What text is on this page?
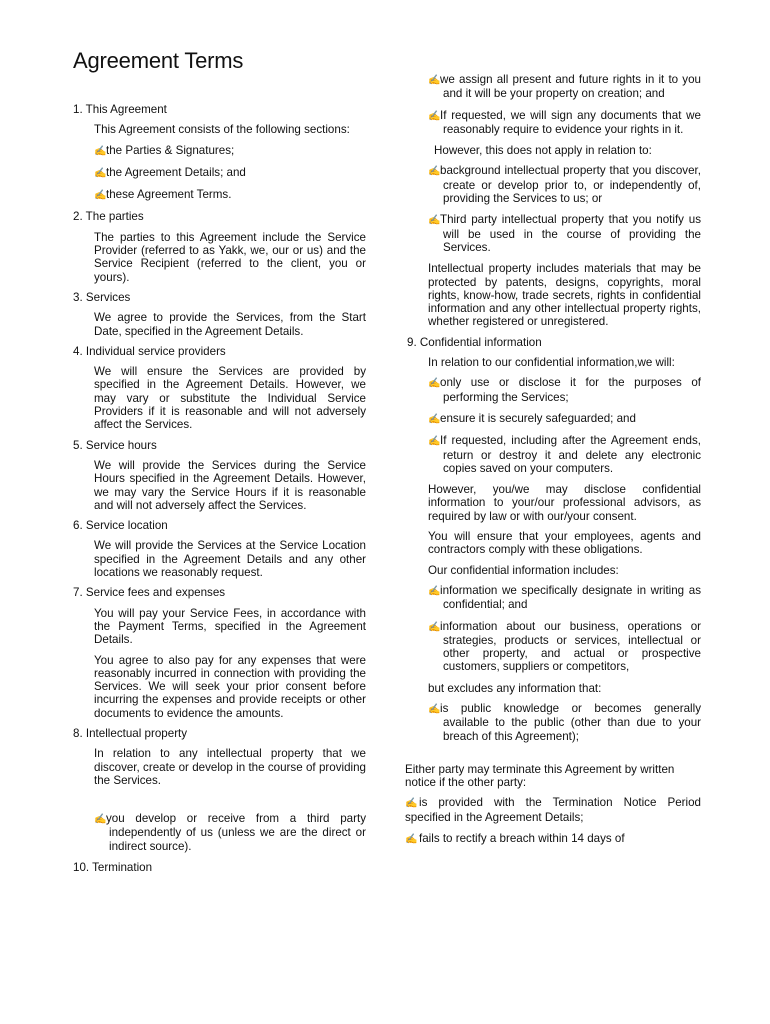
Agreement Terms
1. This Agreement
This Agreement consists of the following sections:
✍the Parties & Signatures;
✍the Agreement Details; and
✍these Agreement Terms.
2. The parties
The parties to this Agreement include the Service Provider (referred to as Yakk, we, our or us) and the Service Recipient (referred to the client, you or yours).
3. Services
We agree to provide the Services, from the Start Date, specified in the Agreement Details.
4. Individual service providers
We will ensure the Services are provided by specified in the Agreement Details. However, we may vary or substitute the Individual Service Providers if it is reasonable and will not adversely affect the Services.
5. Service hours
We will provide the Services during the Service Hours specified in the Agreement Details. However, we may vary the Service Hours if it is reasonable and will not adversely affect the Services.
6. Service location
We will provide the Services at the Service Location specified in the Agreement Details and any other locations we reasonably request.
7. Service fees and expenses
You will pay your Service Fees, in accordance with the Payment Terms, specified in the Agreement Details.
You agree to also pay for any expenses that were reasonably incurred in connection with providing the Services. We will seek your prior consent before incurring the expenses and provide receipts or other documents to evidence the amounts.
8. Intellectual property
In relation to any intellectual property that we discover, create or develop in the course of providing the Services.
✍you develop or receive from a third party independently of us (unless we are the direct or indirect source).
10. Termination
✍we assign all present and future rights in it to you and it will be your property on creation; and
✍If requested, we will sign any documents that we reasonably require to evidence your rights in it.
However, this does not apply in relation to:
✍background intellectual property that you discover, create or develop prior to, or independently of, providing the Services to us; or
✍Third party intellectual property that you notify us will be used in the course of providing the Services.
Intellectual property includes materials that may be protected by patents, designs, copyrights, moral rights, know-how, trade secrets, rights in confidential information and any other intellectual property rights, whether registered or unregistered.
9. Confidential information
In relation to our confidential information,we will:
✍only use or disclose it for the purposes of performing the Services;
✍ensure it is securely safeguarded; and
✍If requested, including after the Agreement ends, return or destroy it and delete any electronic copies saved on your computers.
However, you/we may disclose confidential information to your/our professional advisors, as required by law or with our/your consent.
You will ensure that your employees, agents and contractors comply with these obligations.
Our confidential information includes:
✍information we specifically designate in writing as confidential; and
✍information about our business, operations or strategies, products or services, intellectual or other property, and actual or prospective customers, suppliers or competitors,
but excludes any information that:
✍is public knowledge or becomes generally available to the public (other than due to your breach of this Agreement);
Either party may terminate this Agreement by written notice if the other party:
✍ is provided with the Termination Notice Period specified in the Agreement Details;
✍ fails to rectify a breach within 14 days of
